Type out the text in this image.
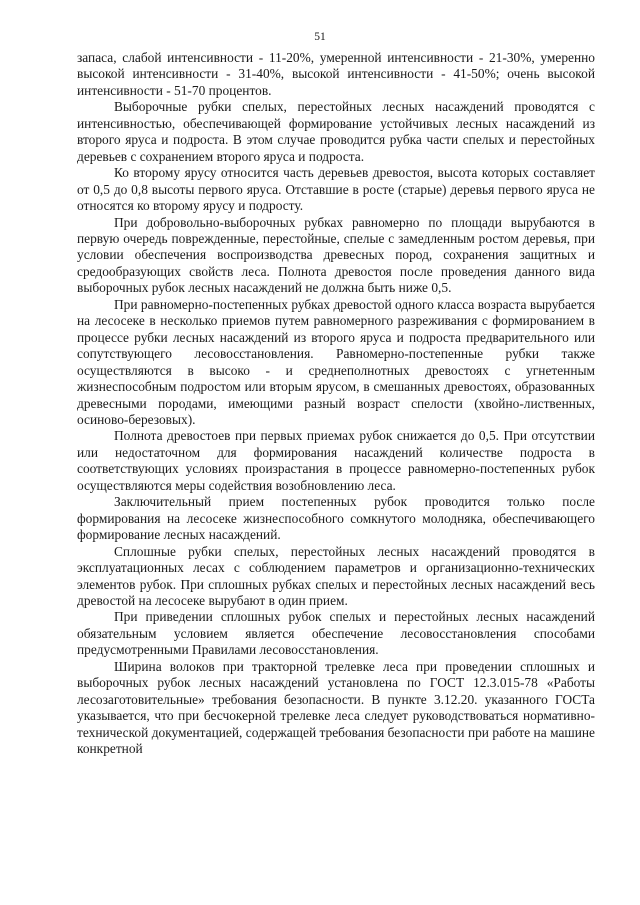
51

запаса, слабой интенсивности - 11-20%, умеренной интенсивности - 21-30%, умеренно высокой интенсивности - 31-40%, высокой интенсивности - 41-50%; очень высокой интенсивности - 51-70 процентов.

Выборочные рубки спелых, перестойных лесных насаждений проводятся с интенсивностью, обеспечивающей формирование устойчивых лесных насаждений из второго яруса и подроста. В этом случае проводится рубка части спелых и перестойных деревьев с сохранением второго яруса и подроста.

Ко второму ярусу относится часть деревьев древостоя, высота которых составляет от 0,5 до 0,8 высоты первого яруса. Отставшие в росте (старые) деревья первого яруса не относятся ко второму ярусу и подросту.

При добровольно-выборочных рубках равномерно по площади вырубаются в первую очередь поврежденные, перестойные, спелые с замедленным ростом деревья, при условии обеспечения воспроизводства древесных пород, сохранения защитных и средообразующих свойств леса. Полнота древостоя после проведения данного вида выборочных рубок лесных насаждений не должна быть ниже 0,5.

При равномерно-постепенных рубках древостой одного класса возраста вырубается на лесосеке в несколько приемов путем равномерного разреживания с формированием в процессе рубки лесных насаждений из второго яруса и подроста предварительного или сопутствующего лесовосстановления. Равномерно-постепенные рубки также осуществляются в высоко - и среднеполнотных древостоях с угнетенным жизнеспособным подростом или вторым ярусом, в смешанных древостоях, образованных древесными породами, имеющими разный возраст спелости (хвойно-лиственных, осиново-березовых).

Полнота древостоев при первых приемах рубок снижается до 0,5. При отсутствии или недостаточном для формирования насаждений количестве подроста в соответствующих условиях произрастания в процессе равномерно-постепенных рубок осуществляются меры содействия возобновлению леса.

Заключительный прием постепенных рубок проводится только после формирования на лесосеке жизнеспособного сомкнутого молодняка, обеспечивающего формирование лесных насаждений.

Сплошные рубки спелых, перестойных лесных насаждений проводятся в эксплуатационных лесах с соблюдением параметров и организационно-технических элементов рубок. При сплошных рубках спелых и перестойных лесных насаждений весь древостой на лесосеке вырубают в один прием.

При приведении сплошных рубок спелых и перестойных лесных насаждений обязательным условием является обеспечение лесовосстановления способами предусмотренными Правилами лесовосстановления.

Ширина волоков при тракторной трелевке леса при проведении сплошных и выборочных рубок лесных насаждений установлена по ГОСТ 12.3.015-78 «Работы лесозаготовительные» требования безопасности. В пункте 3.12.20. указанного ГОСТа указывается, что при бесчокерной трелевке леса следует руководствоваться нормативно-технической документацией, содержащей требования безопасности при работе на машине конкретной
